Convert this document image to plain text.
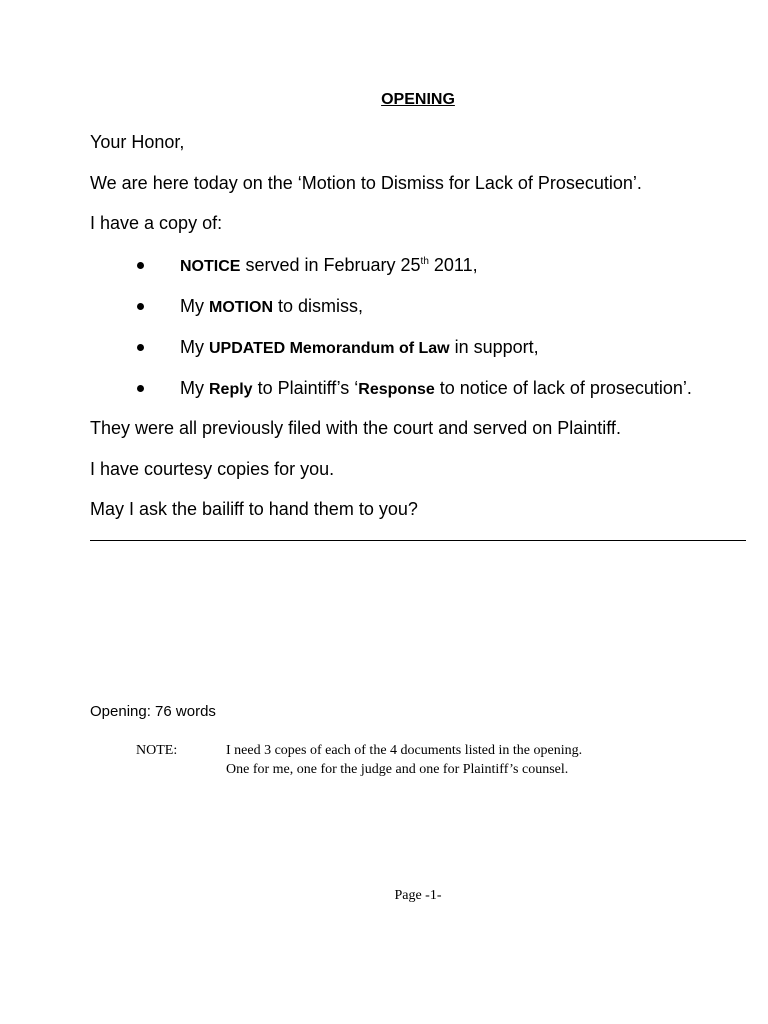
OPENING

Your Honor,

We are here today on the ‘Motion to Dismiss for Lack of Prosecution’.

I have a copy of:

NOTICE served in February 25th 2011,
My MOTION to dismiss,
My UPDATED Memorandum of Law in support,
My Reply to Plaintiff’s ‘Response to notice of lack of prosecution’.

They were all previously filed with the court and served on Plaintiff.

I have courtesy copies for you.

May I ask the bailiff to hand them to you?

Opening: 76 words

NOTE:	I need 3 copes of each of the 4 documents listed in the opening.
One for me, one for the judge and one for Plaintiff’s counsel.
Page -1-
